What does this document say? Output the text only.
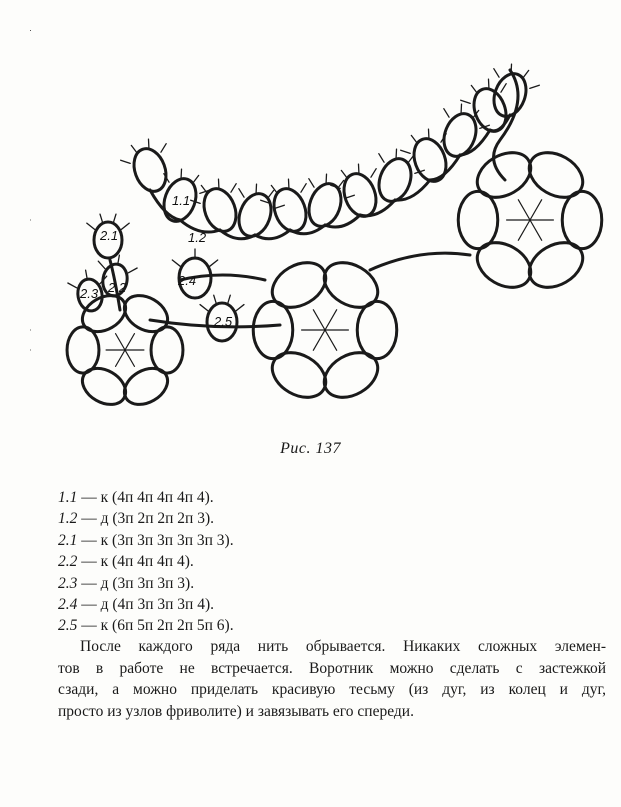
1.1
1.2
2.1
2.2
2.3
2.4
2.5
Рис. 137
1.1 — к (4п 4п 4п 4п 4).
1.2 — д (3п 2п 2п 2п 3).
2.1 — к (3п 3п 3п 3п 3п 3).
2.2 — к (4п 4п 4п 4).
2.3 — д (3п 3п 3п 3).
2.4 — д (4п 3п 3п 3п 4).
2.5 — к (6п 5п 2п 2п 5п 6).
После каждого ряда нить обрывается. Никаких сложных элемен-
тов в работе не встречается. Воротник можно сделать с застежкой
сзади, а можно приделать красивую тесьму (из дуг, из колец и дуг,
просто из узлов фриволите) и завязывать его спереди.
